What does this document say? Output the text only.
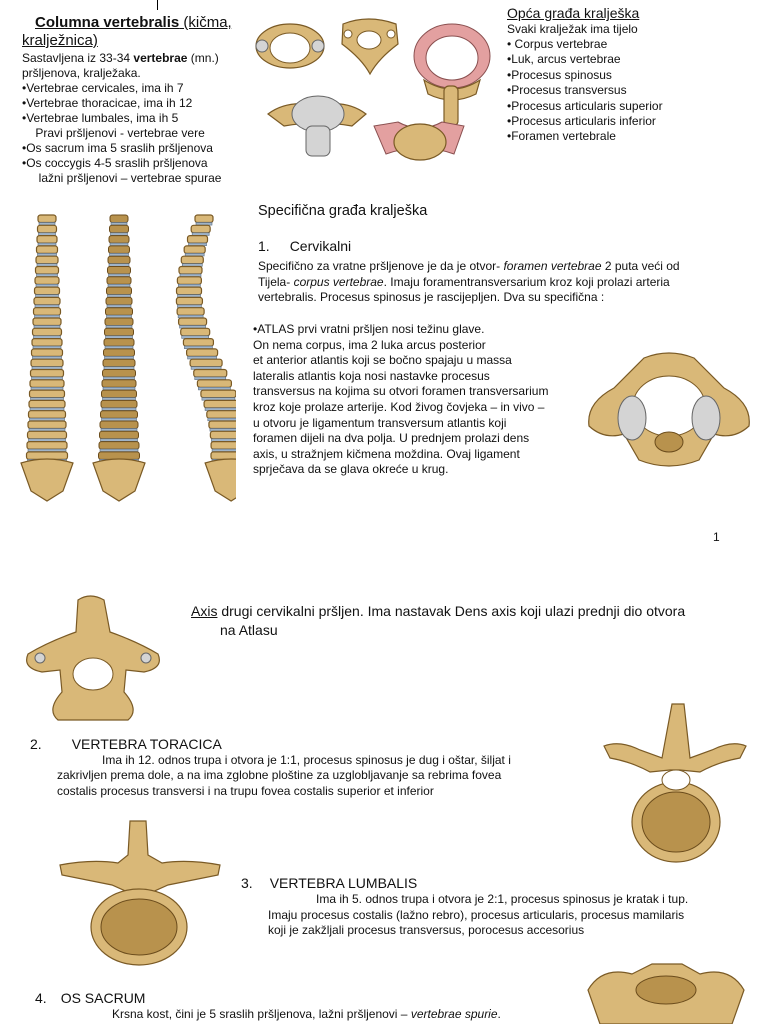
Columna vertebralis (kičma,
kralježnica)
Sastavljena iz 33-34 vertebrae (mn.)
pršljenova, kralježaka.
•Vertebrae cervicales, ima ih 7
•Vertebrae thoracicae, ima ih 12
•Vertebrae lumbales, ima ih 5
Pravi pršljenovi - vertebrae vere
•Os sacrum ima 5 sraslih pršljenova
•Os coccygis 4-5 sraslih pršljenova
lažni pršljenovi – vertebrae spurae
Opća građa kralješka
Svaki kralježak ima tijelo
• Corpus vertebrae
•Luk, arcus vertebrae
•Procesus spinosus
•Procesus transversus
•Procesus articularis superior
•Procesus articularis inferior
•Foramen vertebrale
Specifična građa kralješka
1. Cervikalni
Specifično za vratne pršljenove je da je otvor- foramen vertebrae 2 puta veći od
Tijela- corpus vertebrae. Imaju foramentransversarium kroz koji prolazi arteria
vertebralis. Procesus spinosus je rascijepljen. Dva su specifična :
•ATLAS prvi vratni pršljen nosi težinu glave.
On nema corpus, ima 2 luka arcus posterior
et anterior atlantis koji se bočno spajaju u massa
lateralis atlantis koja nosi nastavke procesus
transversus na kojima su otvori foramen transversarium
kroz koje prolaze arterije. Kod živog čovjeka – in vivo –
u otvoru je ligamentum transversum atlantis koji
foramen dijeli na dva polja. U prednjem prolazi dens
axis, u stražnjem kičmena moždina. Ovaj ligament
sprječava da se glava okreće u krug.
1
Axis drugi cervikalni pršljen. Ima nastavak Dens axis koji ulazi prednji dio otvora
na Atlasu
2. VERTEBRA TORACICA
Ima ih 12. odnos trupa i otvora je 1:1, procesus spinosus je dug i oštar, šiljat i
zakrivljen prema dole, a na ima zglobne ploštine za uzglobljavanje sa rebrima fovea
costalis procesus transversi i na trupu fovea costalis superior et inferior
3. VERTEBRA LUMBALIS
Ima ih 5. odnos trupa i otvora je 2:1, procesus spinosus je kratak i tup.
Imaju procesus costalis (lažno rebro), procesus articularis, procesus mamilaris
koji je zakžljali procesus transversus, porocesus accesorius
4. OS SACRUM
Krsna kost, čini je 5 sraslih pršljenova, lažni pršljenovi – vertebrae spurie.
